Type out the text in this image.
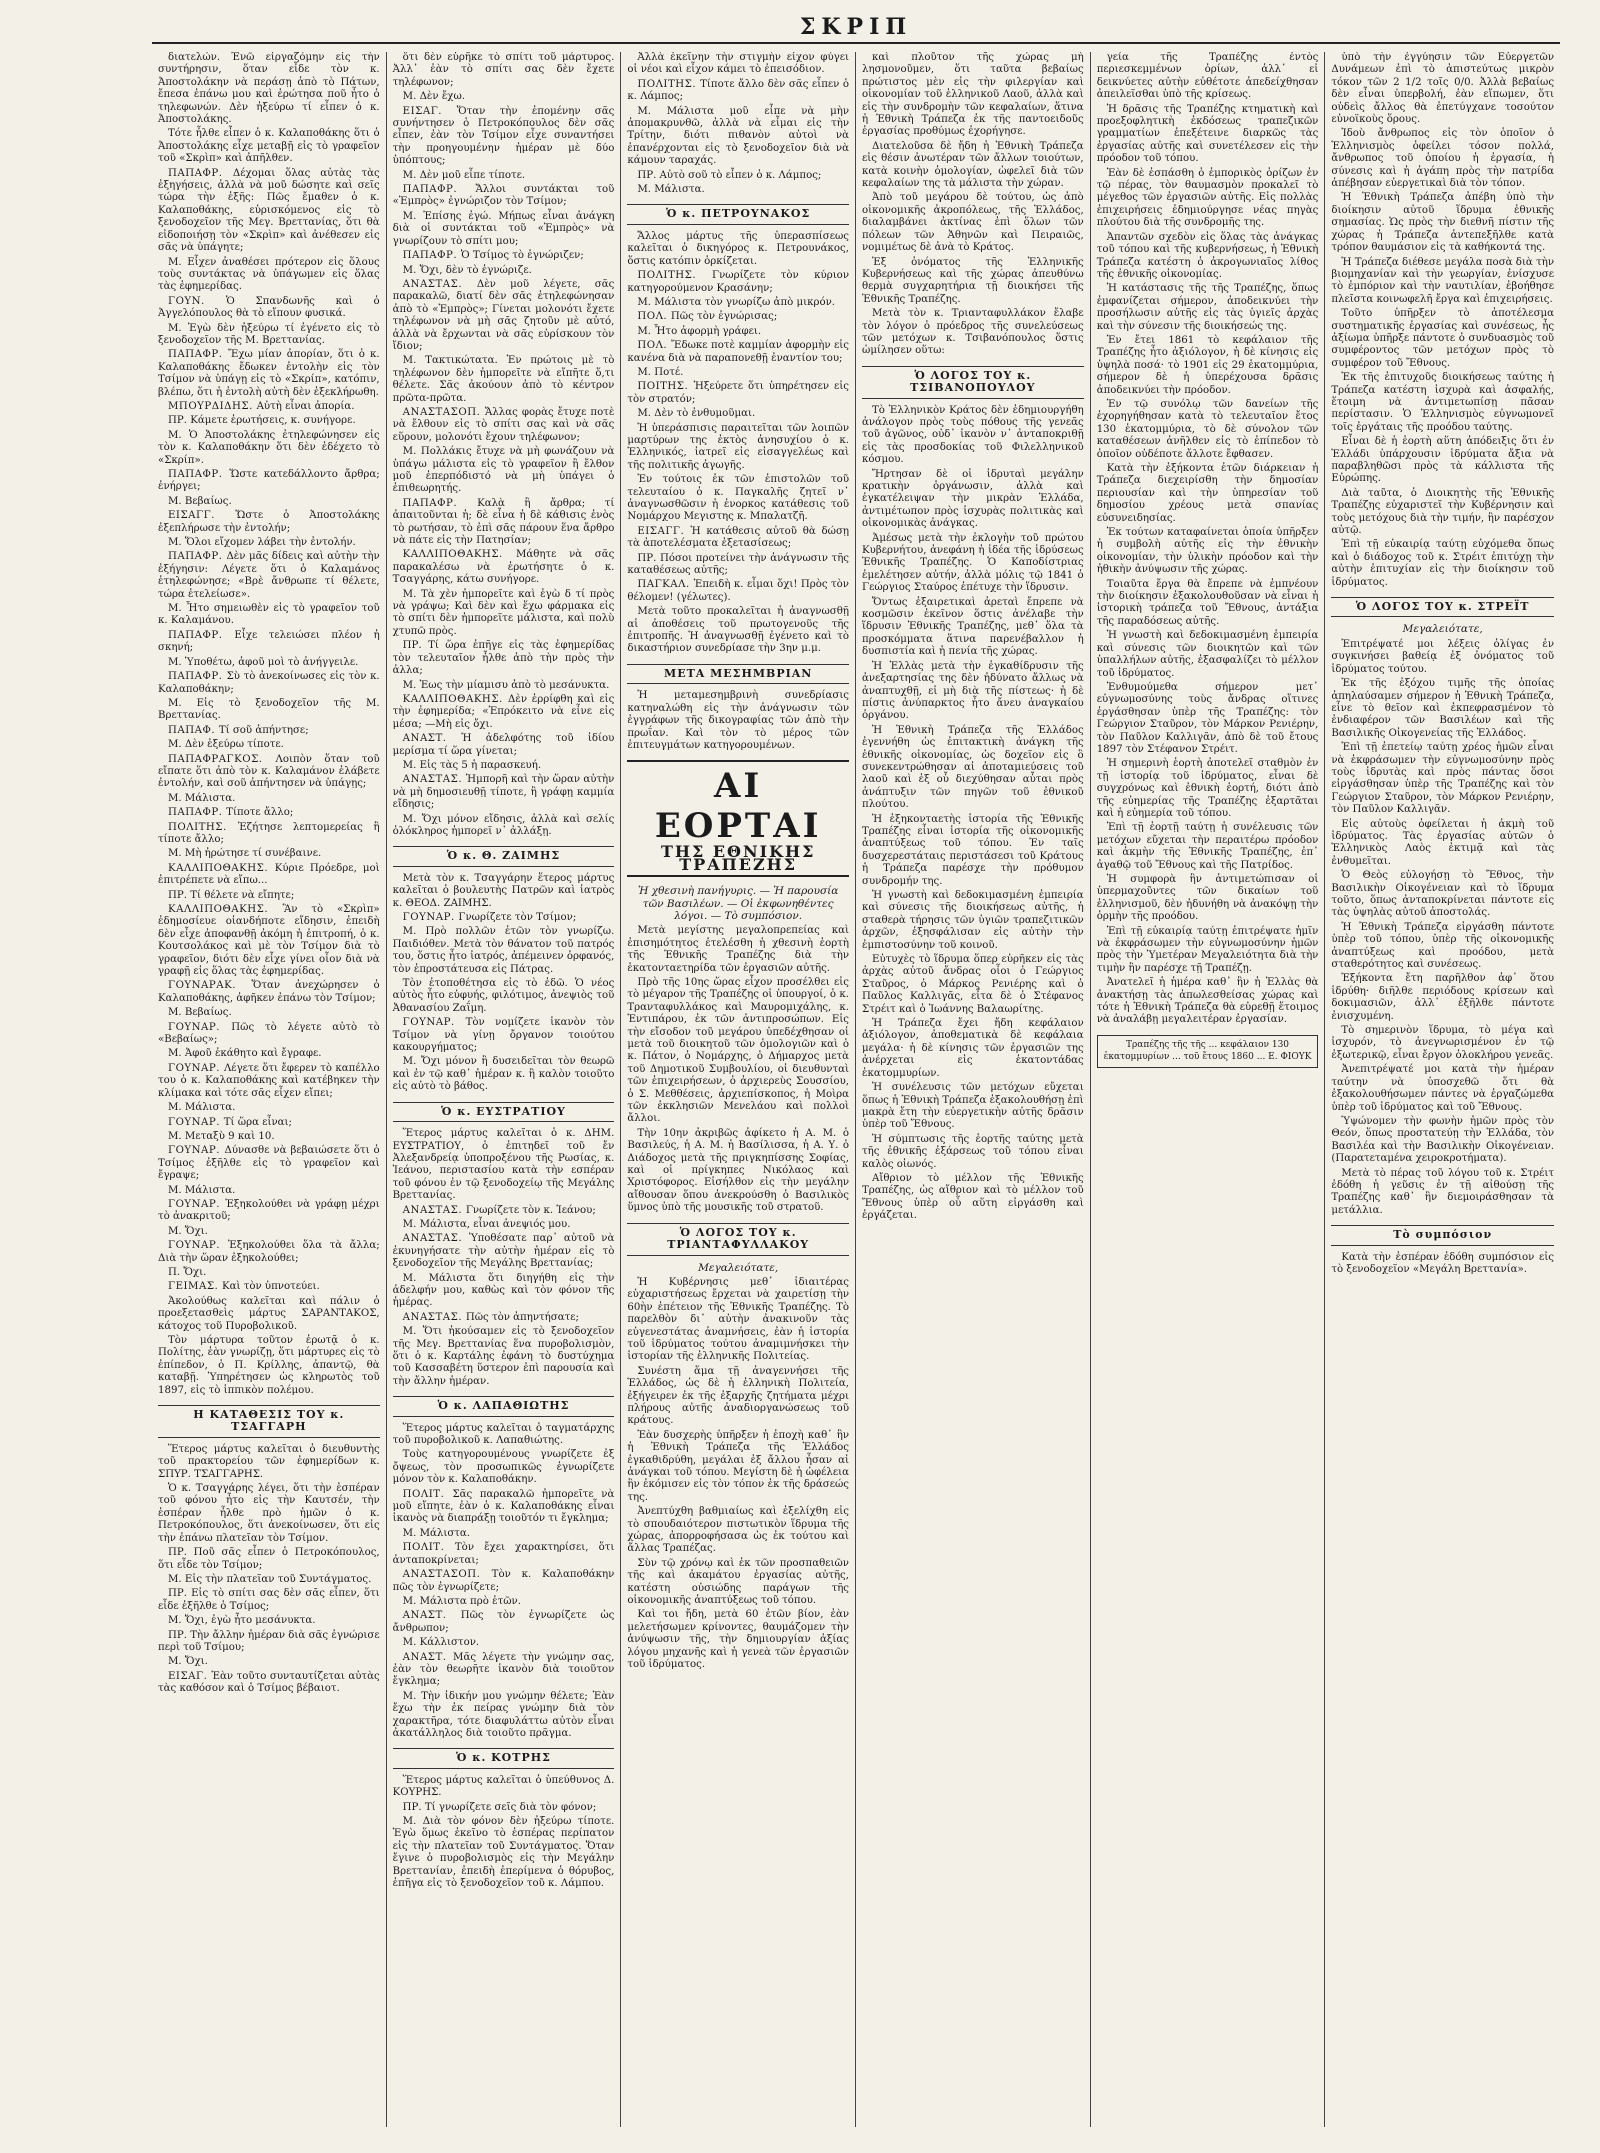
ΣΚΡΙΠ

διατελών. Ἐνῶ εἰργαζόμην εἰς τὴν συντήρησιν, ὅταν εἶδε τὸν κ. Ἀποστολάκην νὰ περάσῃ ἀπὸ τὸ Πάτων, ἔπεσα ἐπάνω μου καὶ ἐρώτησα ποῦ ἦτο ὁ τηλεφωνών. Δὲν ἠξεύρω τί εἶπεν ὁ κ. Ἀποστολάκης.

Τότε ἦλθε εἶπεν ὁ κ. Καλαποθάκης ὅτι ὁ Ἀποστολάκης εἶχε μεταβῇ εἰς τὸ γραφεῖον τοῦ «Σκρὶπ» καὶ ἀπῆλθεν.

ΠΑΠΑΦΡ. Δέχομαι ὅλας αὐτὰς τὰς ἐξηγήσεις, ἀλλὰ νὰ μοῦ δώσητε καὶ σεῖς τώρα τὴν ἑξῆς: Πῶς ἔμαθεν ὁ κ. Καλαποθάκης, εὑρισκόμενος εἰς τὸ ξενοδοχεῖον τῆς Μεγ. Βρεττανίας, ὅτι θὰ εἰδοποιήσῃ τὸν «Σκρὶπ» καὶ ἀνέθεσεν εἰς σᾶς νὰ ὑπάγητε;

Μ. Εἶχεν ἀναθέσει πρότερον εἰς ὅλους τοὺς συντάκτας νὰ ὑπάγωμεν εἰς ὅλας τὰς ἐφημερίδας.

ΓΟΥΝ. Ὁ Σπανδωνῆς καὶ ὁ Ἀγγελόπουλος θὰ τὸ εἴπουν φυσικά.

Μ. Ἐγὼ δὲν ἠξεύρω τί ἐγένετο εἰς τὸ ξενοδοχεῖον τῆς Μ. Βρεττανίας.

ΠΑΠΑΦΡ. Ἔχω μίαν ἀπορίαν, ὅτι ὁ κ. Καλαποθάκης ἔδωκεν ἐντολὴν εἰς τὸν Τσίμον νὰ ὑπάγῃ εἰς τὸ «Σκρίπ», κατόπιν, βλέπω, ὅτι ἡ ἐντολὴ αὐτὴ δὲν ἐξεκλήρωθη.

ΜΠΟΥΡΔΙΔΗΣ. Αὐτὴ εἶναι ἀπορία.

ΠΡ. Κάμετε ἐρωτήσεις, κ. συνήγορε.

Μ. Ὁ Ἀποστολάκης ἐτηλεφώνησεν εἰς τὸν κ. Καλαποθάκην ὅτι δὲν ἐδέχετο τὸ «Σκρίπ».

ΠΑΠΑΦΡ. Ὥστε κατεδάλλοντο ἄρθρα; ἐνήργει;

Μ. Βεβαίως.

ΕΙΣΑΓΓ. Ὥστε ὁ Ἀποστολάκης ἐξεπλήρωσε τὴν ἐντολήν;

Μ. Ὅλοι εἴχομεν λάβει τὴν ἐντολήν.

ΠΑΠΑΦΡ. Δὲν μᾶς δίδεις καὶ αὐτὴν τὴν ἐξήγησιν: Λέγετε ὅτι ὁ Καλαμάνος ἐτηλεφώνησε; «Βρὲ ἄνθρωπε τί θέλετε, τώρα ἐτελείωσε».

Μ. Ἦτο σημειωθὲν εἰς τὸ γραφεῖον τοῦ κ. Καλαμάνου.

ΠΑΠΑΦΡ. Εἶχε τελειώσει πλέον ἡ σκηνή;

Μ. Ὑποθέτω, ἀφοῦ μοὶ τὸ ἀνήγγειλε.

ΠΑΠΑΦΡ. Σὺ τὸ ἀνεκοίνωσες εἰς τὸν κ. Καλαποθάκην;

Μ. Εἰς τὸ ξενοδοχεῖον τῆς Μ. Βρεττανίας.

ΠΑΠΑΦ. Τί σοῦ ἀπήντησε;

Μ. Δὲν ἐξεύρω τίποτε.

ΠΑΠΑΦΡΑΓΚΟΣ. Λοιπὸν ὅταν τοῦ εἴπατε ὅτι ἀπὸ τὸν κ. Καλαμάνον ἐλάβετε ἐντολήν, καὶ σοῦ ἀπήντησεν νὰ ὑπάγῃς;

Μ. Μάλιστα.

ΠΑΠΑΦΡ. Τίποτε ἄλλο;

ΠΟΛΙΤΗΣ. Ἐζήτησε λεπτομερείας ἢ τίποτε ἄλλο;

Μ. Μὴ ἠρώτησε τί συνέβαινε.

ΚΑΛΛΙΠΟΘΑΚΗΣ. Κύριε Πρόεδρε, μοὶ ἐπιτρέπετε νὰ εἴπω...

ΠΡ. Τί θέλετε νὰ εἴπητε;

ΚΑΛΛΙΠΟΘΑΚΗΣ. Ἂν τὸ «Σκρὶπ» ἐδημοσίευε οἱανδήποτε εἴδησιν, ἐπειδὴ δὲν εἶχε ἀποφανθῇ ἀκόμη ἡ ἐπιτροπή, ὁ κ. Κουτσολάκος καὶ μὲ τὸν Τσίμον διὰ τὸ γραφεῖον, διότι δὲν εἶχε γίνει οἷον διὰ νὰ γραφῇ εἰς ὅλας τὰς ἐφημερίδας.

ΓΟΥΝΑΡΑΚ. Ὅταν ἀνεχώρησεν ὁ Καλαποθάκης, ἀφῆκεν ἐπάνω τὸν Τσίμον;

Μ. Βεβαίως.

ΓΟΥΝΑΡ. Πῶς τὸ λέγετε αὐτὸ τὸ «Βεβαίως»;

Μ. Ἀφοῦ ἐκάθητο καὶ ἔγραφε.

ΓΟΥΝΑΡ. Λέγετε ὅτι ἔφερεν τὸ καπέλλο του ὁ κ. Καλαποθάκης καὶ κατέβηκεν τὴν κλίμακα καὶ τότε σᾶς εἶχεν εἴπει;

Μ. Μάλιστα.

ΓΟΥΝΑΡ. Τί ὥρα εἶναι;

Μ. Μεταξὺ 9 καὶ 10.

ΓΟΥΝΑΡ. Δύνασθε νὰ βεβαιώσετε ὅτι ὁ Τσίμος ἐξῆλθε εἰς τὸ γραφεῖον καὶ ἔγραψε;

Μ. Μάλιστα.

ΓΟΥΝΑΡ. Ἐξηκολούθει νὰ γράφῃ μέχρι τὸ ἀνακριτοῦ;

Μ. Ὄχι.

ΓΟΥΝΑΡ. Ἐξηκολούθει ὅλα τὰ ἄλλα; Διὰ τὴν ὥραν ἐξηκολούθει;

Π. Ὄχι.

ΓΕΙΜΑΣ. Καὶ τὸν ὑπνοτεύει.

Ἀκολούθως καλεῖται καὶ πάλιν ὁ προεξετασθεὶς μάρτυς ΣΑΡΑΝΤΑΚΟΣ, κάτοχος τοῦ Πυροβολικοῦ.

Τὸν μάρτυρα τοῦτον ἐρωτᾷ ὁ κ. Πολίτης, ἐὰν γνωρίζῃ, ὅτι μάρτυρες εἰς τὸ ἐπίπεδον, ὁ Π. Κρίλλης, ἀπαντῷ, θὰ καταβῇ. Ὑπηρέτησεν ὡς κληρωτὸς τοῦ 1897, εἰς τὸ ἱππικὸν πολέμου.

Η ΚΑΤΑΘΕΣΙΣ ΤΟΥ κ. ΤΣΑΓΓΑΡΗ

Ἕτερος μάρτυς καλεῖται ὁ διευθυντὴς τοῦ πρακτορείου τῶν ἐφημερίδων κ. ΣΠΥΡ. ΤΣΑΓΓΑΡΗΣ.

Ὁ κ. Τσαγγάρης λέγει, ὅτι τὴν ἑσπέραν τοῦ φόνου ἦτο εἰς τὴν Καυτσέν, τὴν ἑσπέραν ἦλθε πρὸ ἡμῶν ὁ κ. Πετροκόπουλος, ὅτι ἀνεκοίνωσεν, ὅτι εἰς τὴν ἐπάνω πλατεῖαν τὸν Τσίμον.

ΠΡ. Ποῦ σᾶς εἶπεν ὁ Πετροκόπουλος, ὅτι εἶδε τὸν Τσίμον;

Μ. Εἰς τὴν πλατεῖαν τοῦ Συντάγματος.

ΠΡ. Εἰς τὸ σπίτι σας δὲν σᾶς εἶπεν, ὅτι εἶδε ἐξῆλθε ὁ Τσίμος;

Μ. Ὄχι, ἐγὼ ἦτο μεσάνυκτα.

ΠΡ. Τὴν ἄλλην ἡμέραν διὰ σᾶς ἐγνώρισε περὶ τοῦ Τσίμου;

Μ. Ὄχι.

ΕΙΣΑΓ. Ἐὰν τοῦτο συνταυτίζεται αὐτὰς τὰς καθόσον καὶ ὁ Τσίμος βέβαιοτ.

ὅτι δὲν εὑρῆκε τὸ σπίτι τοῦ μάρτυρος. Ἀλλ᾽ ἐὰν τὸ σπίτι σας δὲν ἔχετε τηλέφωνον;

Μ. Δὲν ἔχω.

ΕΙΣΑΓ. Ὅταν τὴν ἐπομένην σᾶς συνήντησεν ὁ Πετροκόπουλος δὲν σᾶς εἶπεν, ἐὰν τὸν Τσίμον εἶχε συναντήσει τὴν προηγουμένην ἡμέραν μὲ δύο ὑπόπτους;

Μ. Δὲν μοῦ εἶπε τίποτε.

ΠΑΠΑΦΡ. Ἄλλοι συντάκται τοῦ «Ἐμπρὸς» ἐγνώριζον τὸν Τσίμον;

Μ. Ἐπίσης ἐγώ. Μήπως εἶναι ἀνάγκη διὰ οἱ συντάκται τοῦ «Ἐμπρὸς» νὰ γνωρίζουν τὸ σπίτι μου;

ΠΑΠΑΦΡ. Ὁ Τσίμος τὸ ἐγνώριζεν;

Μ. Ὄχι, δὲν τὸ ἐγνώριζε.

ΑΝΑΣΤΑΣ. Δὲν μοῦ λέγετε, σᾶς παρακαλῶ, διατί δὲν σᾶς ἐτηλεφώνησαν ἀπὸ τὸ «Ἐμπρὸς»; Γίνεται μολονότι ἔχετε τηλέφωνον νὰ μὴ σᾶς ζητοῦν μὲ αὐτό, ἀλλὰ νὰ ἔρχωνται νὰ σᾶς εὑρίσκουν τὸν ἴδιον;

Μ. Τακτικώτατα. Ἐν πρώτοις μὲ τὸ τηλέφωνον δὲν ἠμπορεῖτε νὰ εἴπῆτε ὅ,τι θέλετε. Σᾶς ἀκούουν ἀπὸ τὸ κέντρον πρῶτα-πρῶτα.

ΑΝΑΣΤΑΣΟΠ. Ἄλλας φορὰς ἔτυχε ποτὲ νὰ ἔλθουν εἰς τὸ σπίτι σας καὶ νὰ σᾶς εὕρουν, μολονότι ἔχουν τηλέφωνον;

Μ. Πολλάκις ἔτυχε νὰ μὴ φωνάζουν νὰ ὑπάγω μάλιστα εἰς τὸ γραφεῖον ἢ ἔλθον μοῦ ἐπερπόδιστό νὰ μὴ ὑπάγει ὁ ἐπιθεωρητής.

ΠΑΠΑΦΡ. Καλὰ ἢ ἄρθρα; τί ἀπαιτοῦνται ἡ; δὲ εἶνα ἡ δὲ κάθισις ἑνὸς τὸ ρωτήσαν, τὸ ἐπὶ σᾶς πάρουν ἕνα ἄρθρο νὰ πάτε εἰς τὴν Πατησίαν;

ΚΑΛΛΙΠΟΘΑΚΗΣ. Μάθητε νὰ σᾶς παρακαλέσω νὰ ἐρωτήσητε ὁ κ. Τσαγγάρης, κάτω συνήγορε.

Μ. Τὰ χὲν ἠμπορεῖτε καὶ ἐγὼ δ τί πρὸς νὰ γράψω; Καὶ δὲν καὶ ἕχω φάρμακα εἰς τὸ σπίτι δὲν ἠμπορεῖτε μάλιστα, καὶ πολὺ χτυπῶ πρὸς.

ΠΡ. Τί ὥρα ἐπῆγε εἰς τὰς ἐφημερίδας τὸν τελευταῖον ἦλθε ἀπὸ τὴν πρὸς τὴν ἀλλα;

Μ. Ἐως τὴν μίαμισυ ἀπὸ τὸ μεσάνυκτα.

ΚΑΛΛΙΠΟΘΑΚΗΣ. Δὲν ἐρρίφθη καὶ εἰς τὴν ἐφημερίδα; «Ἐπρόκειτο νὰ εἶνε εἰς μέσα; —Μὴ εἰς ὄχι.

ΑΝΑΣΤ. Ἡ ἀδελφότης τοῦ ἰδίου μερίσμα τί ὥρα γίνεται;

Μ. Εἰς τὰς 5 ἡ παρασκευή.

ΑΝΑΣΤΑΣ. Ἠμπορῆ καὶ τὴν ὥραν αὐτὴν νὰ μὴ δημοσιευθῇ τίποτε, ἢ γράφῃ καμμία εἴδησις;

Μ. Ὄχι μόνον εἴδησις, ἀλλὰ καὶ σελίς ὁλόκληρος ἠμπορεῖ ν᾽ ἀλλάξῃ.

Ὁ κ. Θ. ΖΑΙΜΗΣ

Μετὰ τὸν κ. Τσαγγάρην ἕτερος μάρτυς καλεῖται ὁ βουλευτὴς Πατρῶν καὶ ἰατρὸς κ. ΘΕΟΔ. ΖΑΙΜΗΣ.

ΓΟΥΝΑΡ. Γνωρίζετε τὸν Τσίμον;

Μ. Πρὸ πολλῶν ἐτῶν τὸν γνωρίζω. Παιδιόθεν. Μετὰ τὸν θάνατον τοῦ πατρός του, ὅστις ἦτο ἰατρός, ἀπέμεινεν ὀρφανός, τὸν ἐπροστάτευσα εἰς Πάτρας.

Τὸν ἐτοποθέτησα εἰς τὸ ἐδῶ. Ὁ νέος αὐτὸς ἦτο εὐφυής, φιλότιμος, ἀνεψιὸς τοῦ Ἀθανασίου Ζαΐμη.

ΓΟΥΝΑΡ. Τὸν νομίζετε ἱκανὸν τὸν Τσίμον νὰ γίνῃ ὄργανον τοιούτου κακουργήματος;

Μ. Ὄχι μόνον ἢ δυσειδεῖται τὸν θεωρῶ καὶ ἐν τῷ καθ᾽ ἡμέραν κ. ἢ καλὸν τοιοῦτο εἰς αὐτὸ τὸ βάθος.

Ὁ κ. ΕΥΣΤΡΑΤΙΟΥ

Ἕτερος μάρτυς καλεῖται ὁ κ. ΔΗΜ. ΕΥΣΤΡΑΤΙΟΥ, ὁ ἐπιτηδεῖ τοῦ ἔν Ἀλεξανδρείᾳ ὑποπροξένου τῆς Ρωσίας, κ. Ἰεάνου, περιστασίου κατὰ τὴν εσπέραν τοῦ φόνου ἐν τῷ ξενοδοχείῳ τῆς Μεγάλης Βρεττανίας.

ΑΝΑΣΤΑΣ. Γνωρίζετε τὸν κ. Ἰεάνου;

Μ. Μάλιστα, εἶναι ἀνεψιός μου.

ΑΝΑΣΤΑΣ. Ὑποθέσατε παρ᾽ αὐτοῦ νὰ ἐκυνηγήσατε τὴν αὐτὴν ἡμέραν εἰς τὸ ξενοδοχεῖον τῆς Μεγάλης Βρεττανίας;

Μ. Μάλιστα ὅτι διηγήθη εἰς τὴν ἀδελφήν μου, καθὼς καὶ τὸν φόνον τῆς ἡμέρας.

ΑΝΑΣΤΑΣ. Πῶς τὸν ἀπηντήσατε;

Μ. Ὅτι ἠκούσαμεν εἰς τὸ ξενοδοχεῖον τῆς Μεγ. Βρεττανίας ἕνα πυροβολισμὸν, ὅτι ὁ κ. Καρτάλης ἐφάνη τὸ δυστύχημα τοῦ Κασσαβέτη ὕστερον ἐπὶ παρουσία καὶ τὴν ἄλλην ἡμέραν.

Ὁ κ. ΛΑΠΑΘΙΩΤΗΣ

Ἕτερος μάρτυς καλεῖται ὁ ταγματάρχης τοῦ πυροβολικοῦ κ. Λαπαθιώτης.

Τοὺς κατηγορουμένους γνωρίζετε ἐξ ὄψεως, τὸν προσωπικῶς ἐγνωρίζετε μόνον τὸν κ. Καλαποθάκην.

ΠΟΛΙΤ. Σᾶς παρακαλῶ ἠμπορεῖτε νὰ μοῦ εἴπητε, ἐὰν ὁ κ. Καλαποθάκης εἶναι ἱκανὸς νὰ διαπράξῃ τοιοῦτόν τι ἔγκλημα;

Μ. Μάλιστα.

ΠΟΛΙΤ. Τὸν ἔχει χαρακτηρίσει, ὅτι ἀνταποκρίνεται;

ΑΝΑΣΤΑΣΟΠ. Τὸν κ. Καλαποθάκην πῶς τὸν ἐγνωρίζετε;

Μ. Μάλιστα πρὸ ἐτῶν.

ΑΝΑΣΤ. Πῶς τὸν ἐγνωρίζετε ὡς ἄνθρωπον;

Μ. Κάλλιστον.

ΑΝΑΣΤ. Μᾶς λέγετε τὴν γνώμην σας, ἐὰν τὸν θεωρῆτε ἱκανὸν διὰ τοιοῦτον ἔγκλημα;

Μ. Τὴν ἰδικήν μου γνώμην θέλετε; Ἐὰν ἔχω τὴν ἐκ πείρας γνώμην διὰ τὸν χαρακτῆρα, τότε διαφυλάττω αὐτὸν εἶναι ἀκατάλληλος διὰ τοιοῦτο πρᾶγμα.

Ὁ κ. ΚΟΤΡΗΣ

Ἕτερος μάρτυς καλεῖται ὁ ὑπεύθυνος Δ. ΚΟΥΡΗΣ.

ΠΡ. Τί γνωρίζετε σεῖς διὰ τὸν φόνον;

Μ. Διὰ τὸν φόνον δὲν ἠξεύρω τίποτε. Ἐγὼ ὅμως ἐκεῖνο τὸ ἑσπέρας περίπατον εἰς τὴν πλατεῖαν τοῦ Συντάγματος. Ὅταν ἔγινε ὁ πυροβολισμὸς εἰς τὴν Μεγάλην Βρεττανίαν, ἐπειδὴ ἐπερίμενα ὁ θόρυβος, ἐπῆγα εἰς τὸ ξενοδοχεῖον τοῦ κ. Λάμπου.

Ἀλλὰ ἐκεῖνην τὴν στιγμὴν εἶχον φύγει οἱ νέοι καὶ εἶχον κάμει τὸ ἐπεισόδιον.

ΠΟΛΙΤΗΣ. Τίποτε ἄλλο δὲν σᾶς εἶπεν ὁ κ. Λάμπος;

Μ. Μάλιστα μοῦ εἶπε νὰ μὴν ἀπομακρυνθῶ, ἀλλὰ νὰ εἶμαι εἰς τὴν Τρίτην, διότι πιθανὸν αὐτοὶ νὰ ἐπανέρχονται εἰς τὸ ξενοδοχεῖον διὰ νὰ κάμουν ταραχάς.

ΠΡ. Αὐτὸ σοῦ τὸ εἶπεν ὁ κ. Λάμπος;

Μ. Μάλιστα.

Ὁ κ. ΠΕΤΡΟΥΝΑΚΟΣ

Ἄλλος μάρτυς τῆς ὑπερασπίσεως καλεῖται ὁ δικηγόρος κ. Πετρουνάκος, ὅστις κατόπιν ὁρκίζεται.

ΠΟΛΙΤΗΣ. Γνωρίζετε τὸν κύριον κατηγορούμενον Κρασάνην;

Μ. Μάλιστα τὸν γνωρίζω ἀπὸ μικρόν.

ΠΟΛ. Πῶς τὸν ἐγνώρισας;

Μ. Ἦτο ἀφορμὴ γράφει.

ΠΟΛ. Ἔδωκε ποτὲ καμμίαν ἀφορμὴν εἰς κανένα διὰ νὰ παραπονεθῇ ἐναντίον του;

Μ. Ποτέ.

ΠΟΙΤΗΣ. Ἠξεύρετε ὅτι ὑπηρέτησεν εἰς τὸν στρατόν;

Μ. Δὲν τὸ ἐνθυμοῦμαι.

Ἡ ὑπεράσπισις παραιτεῖται τῶν λοιπῶν μαρτύρων της ἐκτὸς ἀνησυχίου ὁ κ. Ἐλληνικός, ἰατρεῖ εἰς εἰσαγγελέως καὶ τῆς πολιτικῆς ἀγωγῆς.

Ἐν τούτοις ἐκ τῶν ἐπιστολῶν τοῦ τελευταίου ὁ κ. Παγκαλῆς ζητεῖ ν᾽ ἀναγνωσθῶσιν ἡ ἐνορκος κατάθεσις τοῦ Νομάρχου Μεγιστης κ. Μπαλατζῆ.

ΕΙΣΑΓΓ. Ἡ κατάθεσις αὐτοῦ θὰ δώσῃ τὰ ἀποτελέσματα ἐξετασίσεως;

ΠΡ. Πόσοι προτείνει τὴν ἀνάγνωσιν τῆς καταθέσεως αὐτῆς;

ΠΑΓΚΑΛ. Ἐπειδὴ κ. εἶμαι ὅχι! Πρὸς τὸν θέλομεν! (γέλωτες).

Μετὰ τοῦτο προκαλεῖται ἡ ἀναγνωσθῇ αἱ ἀποθέσεις τοῦ πρωτογενοῦς τῆς ἐπιτροπῆς. Ἡ ἀναγνωσθῇ ἐγένετο καὶ τὸ δικαστήριον συνεδρίασε τὴν 3ην μ.μ.

ΜΕΤΑ ΜΕΣΗΜΒΡΙΑΝ

Ἡ μεταμεσημβρινὴ συνεδρίασις κατηναλώθη εἰς τὴν ἀνάγνωσιν τῶν ἐγγράφων τῆς δικογραφίας τῶν ἀπὸ τὴν πρωΐαν. Καὶ τὸν τὸ μέρος τῶν ἐπιτευγμάτων κατηγορουμένων.

ΑΙ ΕΟΡΤΑΙ
ΤΗΣ ΕΘΝΙΚΗΣ ΤΡΑΠΕΖΗΣ
Ἡ χθεσινὴ πανήγυρις. — Ἡ παρουσία τῶν Βασιλέων. — Οἱ ἐκφωνηθέντες λόγοι. — Τὸ συμπόσιον.

Μετὰ μεγίστης μεγαλοπρεπείας καὶ ἐπισημότητος ἐτελέσθη ἡ χθεσινὴ ἑορτὴ τῆς Ἐθνικῆς Τραπέζης διὰ τὴν ἑκατονταετηρίδα τῶν ἐργασιῶν αὐτῆς.

Πρὸ τῆς 10ης ὥρας εἶχον προσέλθει εἰς τὸ μέγαρον τῆς Τραπέζης οἱ ὑπουργοί, ὁ κ. Τρανταφυλλάκος καὶ Μαυρομιχάλης, κ. Ἐντιπάρου, ἐκ τῶν ἀντιπροσώπων. Εἰς τὴν εἴσοδον τοῦ μεγάρου ὑπεδέχθησαν οἱ μετὰ τοῦ διοικητοῦ τῶν ὁμολογιῶν καὶ ὁ κ. Πάτον, ὁ Νομάρχης, ὁ Δήμαρχος μετὰ τοῦ Δημοτικοῦ Συμβουλίου, οἱ διευθυνταὶ τῶν ἐπιχειρήσεων, ὁ ἀρχιερεὺς Σουσσίου, ὁ Σ. Μεθθέσεις, ἀρχιεπίσκοπος, ἡ Μοὶρα τῶν ἐκκλησιῶν Μενελάου καὶ πολλοὶ ἄλλοι.

Τὴν 10ην ἀκριβῶς ἀφίκετο ἡ Α. Μ. ὁ Βασιλεύς, ἡ Α. Μ. ἡ Βασίλισσα, ἡ Α. Υ. ὁ Διάδοχος μετὰ τῆς πριγκηπίσσης Σοφίας, καὶ οἱ πρίγκηπες Νικόλαος καὶ Χριστόφορος. Εἰσήλθον εἰς τὴν μεγάλην αἴθουσαν ὅπου ἀνεκρούσθη ὁ Βασιλικὸς ὕμνος ὑπὸ τῆς μουσικῆς τοῦ στρατοῦ.

Ὁ ΛΟΓΟΣ ΤΟΥ κ. ΤΡΙΑΝΤΑΦΥΛΛΑΚΟΥ
Μεγαλειότατε,

Ἡ Κυβέρνησις μεθ᾽ ἰδιαιτέρας εὐχαριστήσεως ἔρχεται νὰ χαιρετίσῃ τὴν 60ὴν ἐπέτειον τῆς Ἐθνικῆς Τραπέζης. Τὸ παρελθὸν δι᾽ αὐτὴν ἀνακινοῦν τὰς εὐγενεστάτας ἀναμνήσεις, ἐὰν ἡ ἱστορία τοῦ ἱδρύματος τούτου ἀναμιμνήσκει τὴν ἱστορίαν τῆς ἑλληνικῆς Πολιτείας.

Συνέστη ἅμα τῇ ἀναγεννήσει τῆς Ἑλλάδος, ὡς δὲ ἡ ἑλληνικὴ Πολιτεία, ἐξήγειρεν ἐκ τῆς ἐξαρχῆς ζητήματα μέχρι πλήρους αὐτῆς ἀναδιοργανώσεως τοῦ κράτους.

Ἐὰν δυσχερὴς ὑπῆρξεν ἡ ἐποχὴ καθ᾽ ἣν ἡ Ἐθνικὴ Τράπεζα τῆς Ἑλλάδος ἐγκαθιδρύθη, μεγάλαι ἐξ ἄλλου ἦσαν αἱ ἀνάγκαι τοῦ τόπου. Μεγίστη δὲ ἡ ὠφέλεια ἣν ἐκόμισεν εἰς τὸν τόπον ἐκ τῆς δράσεώς της.

Ἀνεπτύχθη βαθμιαίως καὶ ἐξελίχθη εἰς τὸ σπουδαιότερον πιστωτικὸν ἵδρυμα τῆς χώρας, ἀπορροφήσασα ὡς ἐκ τούτου καὶ ἄλλας Τραπέζας.

Σὺν τῷ χρόνῳ καὶ ἐκ τῶν προσπαθειῶν τῆς καὶ ἀκαμάτου ἐργασίας αὐτῆς, κατέστη οὐσιώδης παράγων τῆς οἰκονομικῆς ἀναπτύξεως τοῦ τόπου.

Καὶ τοι ἤδη, μετὰ 60 ἐτῶν βίον, ἐὰν μελετήσωμεν κρίνοντες, θαυμάζομεν τὴν ἀνύψωσιν τῆς, τὴν δημιουργίαν ἀξίας λόγου μηχανῆς καὶ ἡ γενεὰ τῶν ἐργασιῶν τοῦ ἱδρύματος.

καὶ πλοῦτον τῆς χώρας μὴ λησμονοῦμεν, ὅτι ταῦτα βεβαίως πρώτιστος μὲν εἰς τὴν φιλεργίαν καὶ οἰκονομίαν τοῦ ἑλληνικοῦ Λαοῦ, ἀλλὰ καὶ εἰς τὴν συνδρομὴν τῶν κεφαλαίων, ἅτινα ἡ Ἐθνικὴ Τράπεζα ἐκ τῆς παντοειδοῦς ἐργασίας προθύμως ἐχορήγησε.

Διατελοῦσα δὲ ἤδη ἡ Ἐθνικὴ Τράπεζα εἰς θέσιν ἀνωτέραν τῶν ἄλλων τοιούτων, κατὰ κοινὴν ὁμολογίαν, ὠφελεῖ διὰ τῶν κεφαλαίων της τὰ μάλιστα τὴν χώραν.

Ἀπὸ τοῦ μεγάρου δὲ τούτου, ὡς ἀπὸ οἰκονομικῆς ἀκροπόλεως, τῆς Ἑλλάδος, διαλαμβάνει ἀκτίνας ἐπὶ ὅλων τῶν πόλεων τῶν Ἀθηνῶν καὶ Πειραιῶς, νομιμέτως δὲ ἀνὰ τὸ Κράτος.

Ἐξ ὀνόματος τῆς Ἑλληνικῆς Κυβερνήσεως καὶ τῆς χώρας ἀπευθύνω θερμὰ συγχαρητήρια τῇ διοικήσει τῆς Ἐθνικῆς Τραπέζης.

Μετὰ τὸν κ. Τριανταφυλλάκον ἔλαβε τὸν λόγον ὁ πρόεδρος τῆς συνελεύσεως τῶν μετόχων κ. Τσιβανόπουλος ὅστις ὡμίλησεν οὕτω:

Ὁ ΛΟΓΟΣ ΤΟΥ κ. ΤΣΙΒΑΝΟΠΟΥΛΟΥ

Τὸ Ἑλληνικὸν Κράτος δὲν ἐδημιουργήθη ἀνάλογον πρὸς τοὺς πόθους τῆς γενεᾶς τοῦ ἀγῶνος, οὐδ᾽ ἱκανὸν ν᾽ ἀνταποκριθῇ εἰς τὰς προσδοκίας τοῦ Φιλελληνικοῦ κόσμου.

Ἤρτησαν δὲ οἱ ἱδρυταὶ μεγάλην κρατικὴν ὁργάνωσιν, ἀλλὰ καὶ ἐγκατέλειψαν τὴν μικρὰν Ἑλλάδα, ἀντιμέτωπον πρὸς ἰσχυρὰς πολιτικὰς καὶ οἰκονομικὰς ἀνάγκας.

Ἀμέσως μετὰ τὴν ἐκλογὴν τοῦ πρώτου Κυβερνήτου, ἀνεφάνη ἡ ἰδέα τῆς ἱδρύσεως Ἐθνικῆς Τραπέζης. Ὁ Καποδίστριας ἐμελέτησεν αὐτήν, ἀλλὰ μόλις τῷ 1841 ὁ Γεώργιος Σταύρος ἐπέτυχε τὴν ἵδρυσιν.

Ὄντως ἐξαιρετικαὶ ἀρεταὶ ἔπρεπε νὰ κοσμῶσιν ἐκεῖνον ὅστις ἀνέλαβε τὴν ἵδρυσιν Ἐθνικῆς Τραπέζης, μεθ᾽ ὅλα τὰ προσκόμματα ἅτινα παρενέβαλλον ἡ δυσπιστία καὶ ἡ πενία τῆς χώρας.

Ἡ Ἑλλὰς μετὰ τὴν ἐγκαθίδρυσιν τῆς ἀνεξαρτησίας της δὲν ἠδύνατο ἄλλως νὰ ἀναπτυχθῇ, εἰ μὴ διὰ τῆς πίστεως· ἡ δὲ πίστις ἀνύπαρκτος ἦτο ἄνευ ἀναγκαίου ὀργάνου.

Ἡ Ἐθνικὴ Τράπεζα τῆς Ἑλλάδος ἐγεννήθη ὡς ἐπιτακτικὴ ἀνάγκη τῆς ἐθνικῆς οἰκονομίας, ὡς δοχεῖον εἰς ὃ συνεκεντρώθησαν αἱ ἀποταμιεύσεις τοῦ λαοῦ καὶ ἐξ οὗ διεχύθησαν αὗται πρὸς ἀνάπτυξιν τῶν πηγῶν τοῦ ἐθνικοῦ πλούτου.

Ἡ ἑξηκονταετὴς ἱστορία τῆς Ἐθνικῆς Τραπέζης εἶναι ἱστορία τῆς οἰκονομικῆς ἀναπτύξεως τοῦ τόπου. Ἐν ταῖς δυσχερεστάταις περιστάσεσι τοῦ Κράτους ἡ Τράπεζα παρέσχε τὴν πρόθυμον συνδρομήν της.

Ἡ γνωστὴ καὶ δεδοκιμασμένη ἐμπειρία καὶ σύνεσις τῆς διοικήσεως αὐτῆς, ἡ σταθερὰ τήρησις τῶν ὑγιῶν τραπεζιτικῶν ἀρχῶν, ἐξησφάλισαν εἰς αὐτὴν τὴν ἐμπιστοσύνην τοῦ κοινοῦ.

Εὐτυχὲς τὸ ἵδρυμα ὅπερ εὑρῆκεν εἰς τὰς ἀρχὰς αὐτοῦ ἄνδρας οἷοι ὁ Γεώργιος Σταῦρος, ὁ Μάρκος Ρενιέρης καὶ ὁ Παῦλος Καλλιγᾶς, εἶτα δὲ ὁ Στέφανος Στρέιτ καὶ ὁ Ἰωάννης Βαλαωρίτης.

Ἡ Τράπεζα ἔχει ἤδη κεφάλαιον ἀξιόλογον, ἀποθεματικὰ δὲ κεφάλαια μεγάλα· ἡ δὲ κίνησις τῶν ἐργασιῶν της ἀνέρχεται εἰς ἑκατοντάδας ἑκατομμυρίων.

Ἡ συνέλευσις τῶν μετόχων εὔχεται ὅπως ἡ Ἐθνικὴ Τράπεζα ἐξακολουθήσῃ ἐπὶ μακρὰ ἔτη τὴν εὐεργετικὴν αὐτῆς δρᾶσιν ὑπὲρ τοῦ Ἔθνους.

Ἡ σύμπτωσις τῆς ἑορτῆς ταύτης μετὰ τῆς ἐθνικῆς ἐξάρσεως τοῦ τόπου εἶναι καλὸς οἰωνός.

Αἴθριον τὸ μέλλον τῆς Ἐθνικῆς Τραπέζης, ὡς αἴθριον καὶ τὸ μέλλον τοῦ Ἔθνους ὑπὲρ οὗ αὕτη εἰργάσθη καὶ ἐργάζεται.

γεία τῆς Τραπέζης ἐντὸς περιεσκεμμένων ὁρίων, ἀλλ᾽ εἰ δεικνύετες αὐτὴν εὐθέτοτε ἀπεδείχθησαν ἀπειλεῖσθαι ὑπὸ τῆς κρίσεως.

Ἡ δρᾶσις τῆς Τραπέζης κτηματικὴ καὶ προεξοφλητικὴ ἐκδόσεως τραπεζικῶν γραμματίων ἐπεξέτεινε διαρκῶς τὰς ἐργασίας αὐτῆς καὶ συνετέλεσεν εἰς τὴν πρόοδον τοῦ τόπου.

Ἐὰν δὲ ἐσπάσθη ὁ ἐμπορικὸς ὁρίζων ἐν τῷ πέρας, τὸν θαυμασμὸν προκαλεῖ τὸ μέγεθος τῶν ἐργασιῶν αὐτῆς. Εἰς πολλὰς ἐπιχειρήσεις ἐδημιούργησε νέας πηγὰς πλούτου διὰ τῆς συνδρομῆς της.

Ἀπαντῶν σχεδὸν εἰς ὅλας τὰς ἀνάγκας τοῦ τόπου καὶ τῆς κυβερνήσεως, ἡ Ἐθνικὴ Τράπεζα κατέστη ὁ ἀκρογωνιαῖος λίθος τῆς ἐθνικῆς οἰκονομίας.

Ἡ κατάστασις τῆς τῆς Τραπέζης, ὅπως ἐμφανίζεται σήμερον, ἀποδεικνύει τὴν προσήλωσιν αὐτῆς εἰς τὰς ὑγιεῖς ἀρχὰς καὶ τὴν σύνεσιν τῆς διοικήσεώς της.

Ἐν ἔτει 1861 τὸ κεφάλαιον τῆς Τραπέζης ἦτο ἀξιόλογον, ἡ δὲ κίνησις εἰς ὑψηλὰ ποσά· τὸ 1901 εἰς 29 ἑκατομμύρια, σήμερον δὲ ἡ ὑπερέχουσα δρᾶσις ἀποδεικνύει τὴν πρόοδον.

Ἐν τῷ συνόλῳ τῶν δανείων τῆς ἐχορηγήθησαν κατὰ τὸ τελευταῖον ἔτος 130 ἑκατομμύρια, τὸ δὲ σύνολον τῶν καταθέσεων ἀνῆλθεν εἰς τὸ ἐπίπεδον τὸ ὁποῖον οὐδέποτε ἄλλοτε ἔφθασεν.

Κατὰ τὴν ἐξήκοντα ἐτῶν διάρκειαν ἡ Τράπεζα διεχειρίσθη τὴν δημοσίαν περιουσίαν καὶ τὴν ὑπηρεσίαν τοῦ δημοσίου χρέους μετὰ σπανίας εὐσυνειδησίας.

Ἐκ τούτων καταφαίνεται ὁποία ὑπῆρξεν ἡ συμβολὴ αὐτῆς εἰς τὴν ἐθνικὴν οἰκονομίαν, τὴν ὑλικὴν πρόοδον καὶ τὴν ἠθικὴν ἀνύψωσιν τῆς χώρας.

Τοιαῦτα ἔργα θὰ ἔπρεπε νὰ ἐμπνέουν τὴν διοίκησιν ἐξακολουθοῦσαν νὰ εἶναι ἡ ἱστορικὴ τράπεζα τοῦ Ἔθνους, ἀντάξια τῆς παραδόσεως αὐτῆς.

Ἡ γνωστὴ καὶ δεδοκιμασμένη ἐμπειρία καὶ σύνεσις τῶν διοικητῶν καὶ τῶν ὑπαλλήλων αὐτῆς, ἐξασφαλίζει τὸ μέλλον τοῦ ἱδρύματος.

Ἐνθυμούμεθα σήμερον μετ᾽ εὐγνωμοσύνης τοὺς ἄνδρας οἵτινες ἐργάσθησαν ὑπὲρ τῆς Τραπέζης: τὸν Γεώργιον Σταῦρον, τὸν Μάρκον Ρενιέρην, τὸν Παῦλον Καλλιγᾶν, ἀπὸ δὲ τοῦ ἔτους 1897 τὸν Στέφανον Στρέιτ.

Ἡ σημερινὴ ἑορτὴ ἀποτελεῖ σταθμὸν ἐν τῇ ἱστορίᾳ τοῦ ἱδρύματος, εἶναι δὲ συγχρόνως καὶ ἐθνικὴ ἑορτή, διότι ἀπὸ τῆς εὐημερίας τῆς Τραπέζης ἐξαρτᾶται καὶ ἡ εὐημερία τοῦ τόπου.

Ἐπὶ τῇ ἑορτῇ ταύτῃ ἡ συνέλευσις τῶν μετόχων εὔχεται τὴν περαιτέρω πρόοδον καὶ ἀκμὴν τῆς Ἐθνικῆς Τραπέζης, ἐπ᾽ ἀγαθῷ τοῦ Ἔθνους καὶ τῆς Πατρίδος.

Ἡ συμφορὰ ἣν ἀντιμετώπισαν οἱ ὑπερμαχοῦντες τῶν δικαίων τοῦ ἑλληνισμοῦ, δὲν ἠδυνήθη νὰ ἀνακόψῃ τὴν ὁρμὴν τῆς προόδου.

Ἐπὶ τῇ εὐκαιρίᾳ ταύτῃ ἐπιτρέψατε ἡμῖν νὰ ἐκφράσωμεν τὴν εὐγνωμοσύνην ἡμῶν πρὸς τὴν Ὑμετέραν Μεγαλειότητα διὰ τὴν τιμὴν ἣν παρέσχε τῇ Τραπέζῃ.

Ἀνατελεῖ ἡ ἡμέρα καθ᾽ ἣν ἡ Ἑλλὰς θὰ ἀνακτήσῃ τὰς ἀπωλεσθείσας χώρας καὶ τότε ἡ Ἐθνικὴ Τράπεζα θὰ εὑρεθῇ ἕτοιμος νὰ ἀναλάβῃ μεγαλειτέραν ἐργασίαν.

Τραπέζης τῆς τῆς ... κεφάλαιον 130 ἑκατομμυρίων ... τοῦ ἔτους 1860 ... Ε. ΦΙΟΥΚ

ὑπὸ τὴν ἐγγύησιν τῶν Εὐεργετῶν Δυνάμεων ἐπὶ τὸ ἀπιστεύτως μικρὸν τόκον τῶν 2 1/2 τοῖς 0/0. Ἀλλὰ βεβαίως δὲν εἶναι ὑπερβολή, ἐὰν εἴπωμεν, ὅτι οὐδεὶς ἄλλος θὰ ἐπετύγχανε τοσούτον εὐνοϊκοὺς ὅρους.

Ἰδοὺ ἄνθρωπος εἰς τὸν ὁποῖον ὁ Ἑλληνισμὸς ὀφείλει τόσον πολλά, ἄνθρωπος τοῦ ὁποίου ἡ ἐργασία, ἡ σύνεσις καὶ ἡ ἀγάπη πρὸς τὴν πατρίδα ἀπέβησαν εὐεργετικαὶ διὰ τὸν τόπον.

Ἡ Ἐθνικὴ Τράπεζα ἀπέβη ὑπὸ τὴν διοίκησιν αὐτοῦ ἵδρυμα ἐθνικῆς σημασίας. Ὡς πρὸς τὴν διεθνῆ πίστιν τῆς χώρας ἡ Τράπεζα ἀντεπεξῆλθε κατὰ τρόπον θαυμάσιον εἰς τὰ καθήκοντά της.

Ἡ Τράπεζα διέθεσε μεγάλα ποσὰ διὰ τὴν βιομηχανίαν καὶ τὴν γεωργίαν, ἐνίσχυσε τὸ ἐμπόριον καὶ τὴν ναυτιλίαν, ἐβοήθησε πλεῖστα κοινωφελῆ ἔργα καὶ ἐπιχειρήσεις.

Τοῦτο ὑπῆρξεν τὸ ἀποτέλεσμα συστηματικῆς ἐργασίας καὶ συνέσεως, ἧς ἀξίωμα ὑπῆρξε πάντοτε ὁ συνδυασμὸς τοῦ συμφέροντος τῶν μετόχων πρὸς τὸ συμφέρον τοῦ Ἔθνους.

Ἐκ τῆς ἐπιτυχοῦς διοικήσεως ταύτης ἡ Τράπεζα κατέστη ἰσχυρὰ καὶ ἀσφαλής, ἕτοιμη νὰ ἀντιμετωπίσῃ πᾶσαν περίστασιν. Ὁ Ἑλληνισμὸς εὐγνωμονεῖ τοῖς ἐργάταις τῆς προόδου ταύτης.

Εἶναι δὲ ἡ ἑορτὴ αὕτη ἀπόδειξις ὅτι ἐν Ἑλλάδι ὑπάρχουσιν ἱδρύματα ἄξια νὰ παραβληθῶσι πρὸς τὰ κάλλιστα τῆς Εὐρώπης.

Διὰ ταῦτα, ὁ Διοικητὴς τῆς Ἐθνικῆς Τραπέζης εὐχαριστεῖ τὴν Κυβέρνησιν καὶ τοὺς μετόχους διὰ τὴν τιμήν, ἣν παρέσχον αὐτῷ.

Ἐπὶ τῇ εὐκαιρίᾳ ταύτῃ εὐχόμεθα ὅπως καὶ ὁ διάδοχος τοῦ κ. Στρέιτ ἐπιτύχῃ τὴν αὐτὴν ἐπιτυχίαν εἰς τὴν διοίκησιν τοῦ ἱδρύματος.

Ὁ ΛΟΓΟΣ ΤΟΥ κ. ΣΤΡΕΪΤ
Μεγαλειότατε,

Ἐπιτρέψατέ μοι λέξεις ὀλίγας ἐν συγκινήσει βαθείᾳ ἐξ ὀνόματος τοῦ ἱδρύματος τούτου.

Ἐκ τῆς ἐξόχου τιμῆς τῆς ὁποίας ἀπηλαύσαμεν σήμερον ἡ Ἐθνικὴ Τράπεζα, εἶνε τὸ θεῖον καὶ ἐκπεφρασμένον τὸ ἐνδιαφέρον τῶν Βασιλέων καὶ τῆς Βασιλικῆς Οἰκογενείας τῆς Ἑλλάδος.

Ἐπὶ τῇ ἐπετείῳ ταύτῃ χρέος ἡμῶν εἶναι νὰ ἐκφράσωμεν τὴν εὐγνωμοσύνην πρὸς τοὺς ἱδρυτὰς καὶ πρὸς πάντας ὅσοι εἰργάσθησαν ὑπὲρ τῆς Τραπέζης καὶ τὸν Γεώργιον Σταῦρον, τὸν Μάρκον Ρενιέρην, τὸν Παῦλον Καλλιγᾶν.

Εἰς αὐτοὺς ὀφείλεται ἡ ἀκμὴ τοῦ ἱδρύματος. Τὰς ἐργασίας αὐτῶν ὁ Ἑλληνικὸς Λαὸς ἐκτιμᾷ καὶ τὰς ἐνθυμεῖται.

Ὁ Θεὸς εὐλογήσῃ τὸ Ἔθνος, τὴν Βασιλικὴν Οἰκογένειαν καὶ τὸ ἵδρυμα τοῦτο, ὅπως ἀνταποκρίνεται πάντοτε εἰς τὰς ὑψηλὰς αὐτοῦ ἀποστολάς.

Ἡ Ἐθνικὴ Τράπεζα εἰργάσθη πάντοτε ὑπὲρ τοῦ τόπου, ὑπὲρ τῆς οἰκονομικῆς ἀναπτύξεως καὶ προόδου, μετὰ σταθερότητος καὶ συνέσεως.

Ἑξήκοντα ἔτη παρῆλθον ἀφ᾽ ὅτου ἱδρύθη· διῆλθε περιόδους κρίσεων καὶ δοκιμασιῶν, ἀλλ᾽ ἐξῆλθε πάντοτε ἐνισχυμένη.

Τὸ σημερινὸν ἵδρυμα, τὸ μέγα καὶ ἰσχυρόν, τὸ ἀνεγνωρισμένον ἐν τῷ ἐξωτερικῷ, εἶναι ἔργον ὁλοκλήρου γενεᾶς.

Ἀνεπιτρέψατέ μοι κατὰ τὴν ἡμέραν ταύτην νὰ ὑποσχεθῶ ὅτι θὰ ἐξακολουθήσωμεν πάντες νὰ ἐργαζώμεθα ὑπὲρ τοῦ ἱδρύματος καὶ τοῦ Ἔθνους.

Ὑψώνομεν τὴν φωνὴν ἡμῶν πρὸς τὸν Θεόν, ὅπως προστατεύῃ τὴν Ἑλλάδα, τὸν Βασιλέα καὶ τὴν Βασιλικὴν Οἰκογένειαν. (Παρατεταμένα χειροκροτήματα).

Μετὰ τὸ πέρας τοῦ λόγου τοῦ κ. Στρέιτ ἐδόθη ἡ γεῦσις ἐν τῇ αἰθούσῃ τῆς Τραπέζης καθ᾽ ἣν διεμοιράσθησαν τὰ μετάλλια.

Τὸ συμπόσιον

Κατὰ τὴν ἑσπέραν ἐδόθη συμπόσιον εἰς τὸ ξενοδοχεῖον «Μεγάλη Βρεττανία».
